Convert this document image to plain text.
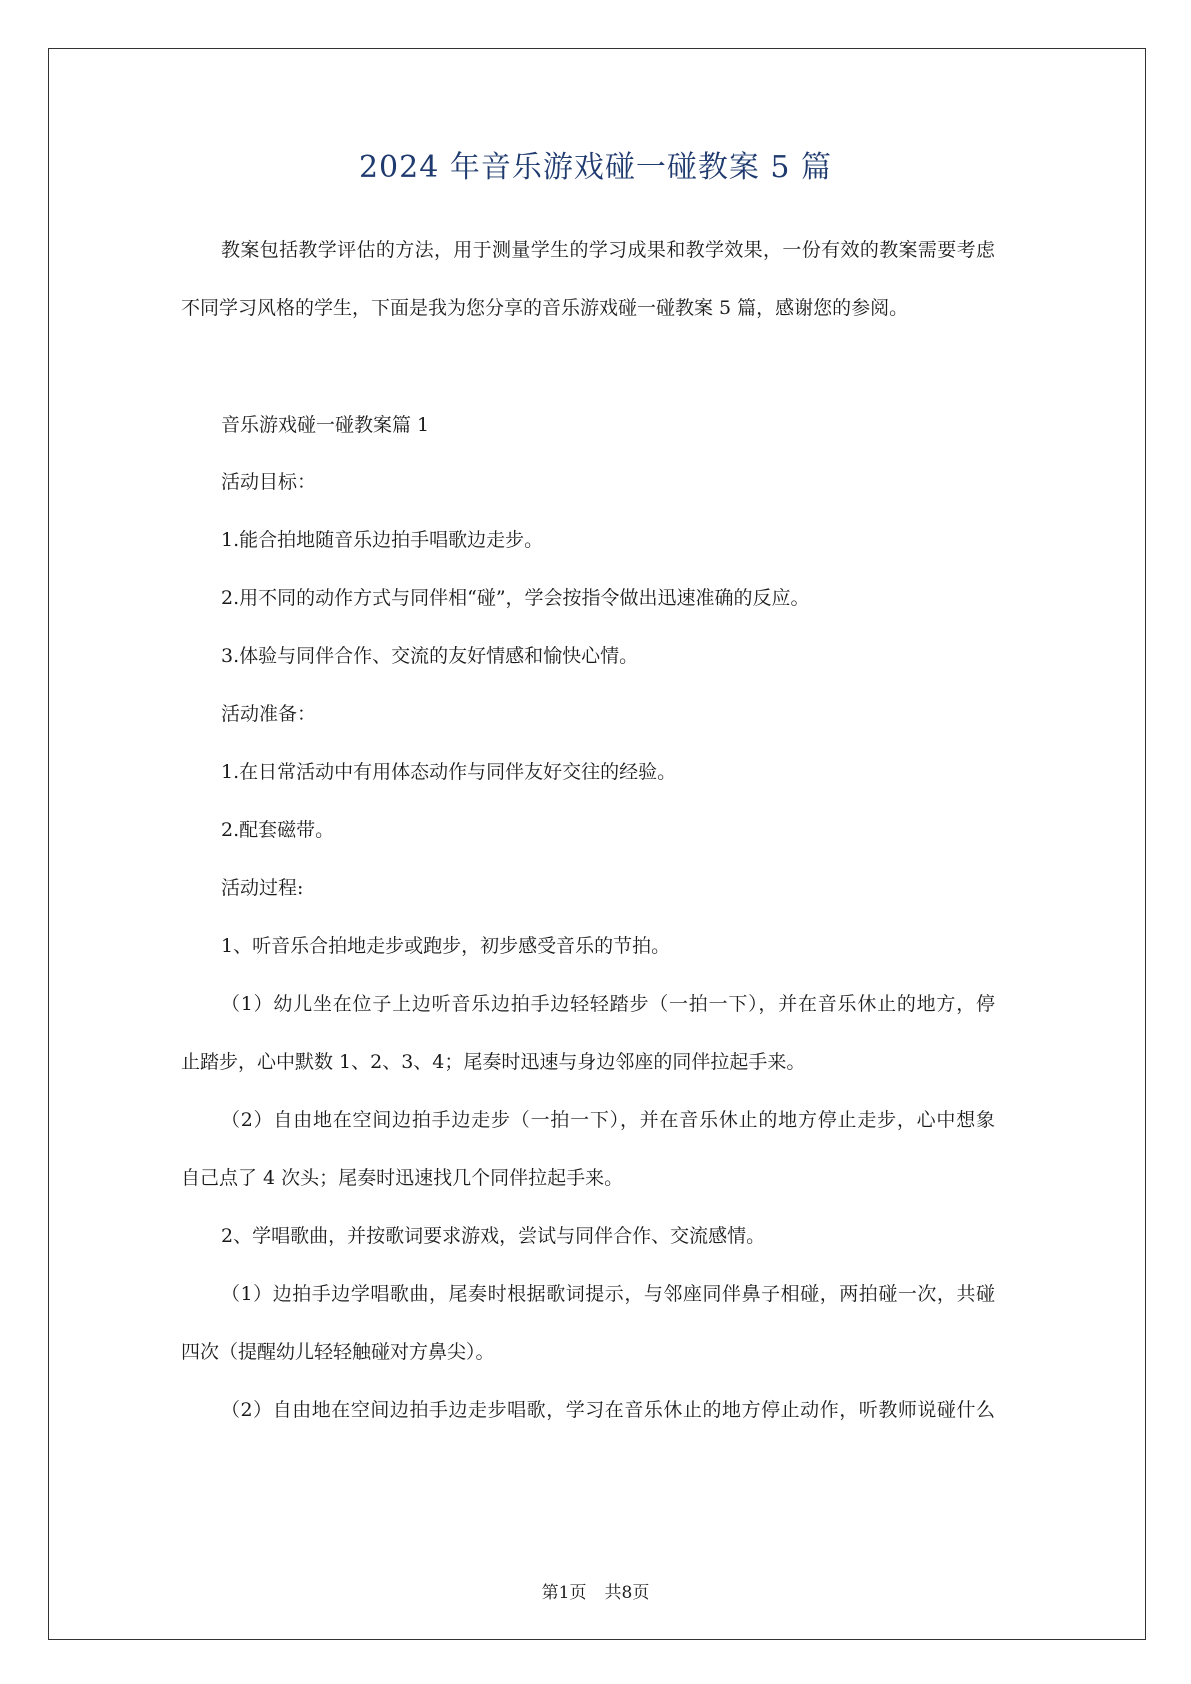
2024 年音乐游戏碰一碰教案 5 篇
教案包括教学评估的方法，用于测量学生的学习成果和教学效果，一份有效的教案需要考虑
不同学习风格的学生，下面是我为您分享的音乐游戏碰一碰教案 5 篇，感谢您的参阅。
音乐游戏碰一碰教案篇 1
活动目标：
1.能合拍地随音乐边拍手唱歌边走步。
2.用不同的动作方式与同伴相“碰”，学会按指令做出迅速准确的反应。
3.体验与同伴合作、交流的友好情感和愉快心情。
活动准备：
1.在日常活动中有用体态动作与同伴友好交往的经验。
2.配套磁带。
活动过程:
1、听音乐合拍地走步或跑步，初步感受音乐的节拍。
（1）幼儿坐在位子上边听音乐边拍手边轻轻踏步（一拍一下），并在音乐休止的地方，停
止踏步，心中默数 1、2、3、4；尾奏时迅速与身边邻座的同伴拉起手来。
（2）自由地在空间边拍手边走步（一拍一下），并在音乐休止的地方停止走步，心中想象
自己点了 4 次头；尾奏时迅速找几个同伴拉起手来。
2、学唱歌曲，并按歌词要求游戏，尝试与同伴合作、交流感情。
（1）边拍手边学唱歌曲，尾奏时根据歌词提示，与邻座同伴鼻子相碰，两拍碰一次，共碰
四次（提醒幼儿轻轻触碰对方鼻尖）。
（2）自由地在空间边拍手边走步唱歌，学习在音乐休止的地方停止动作，听教师说碰什么
第1页 共8页
